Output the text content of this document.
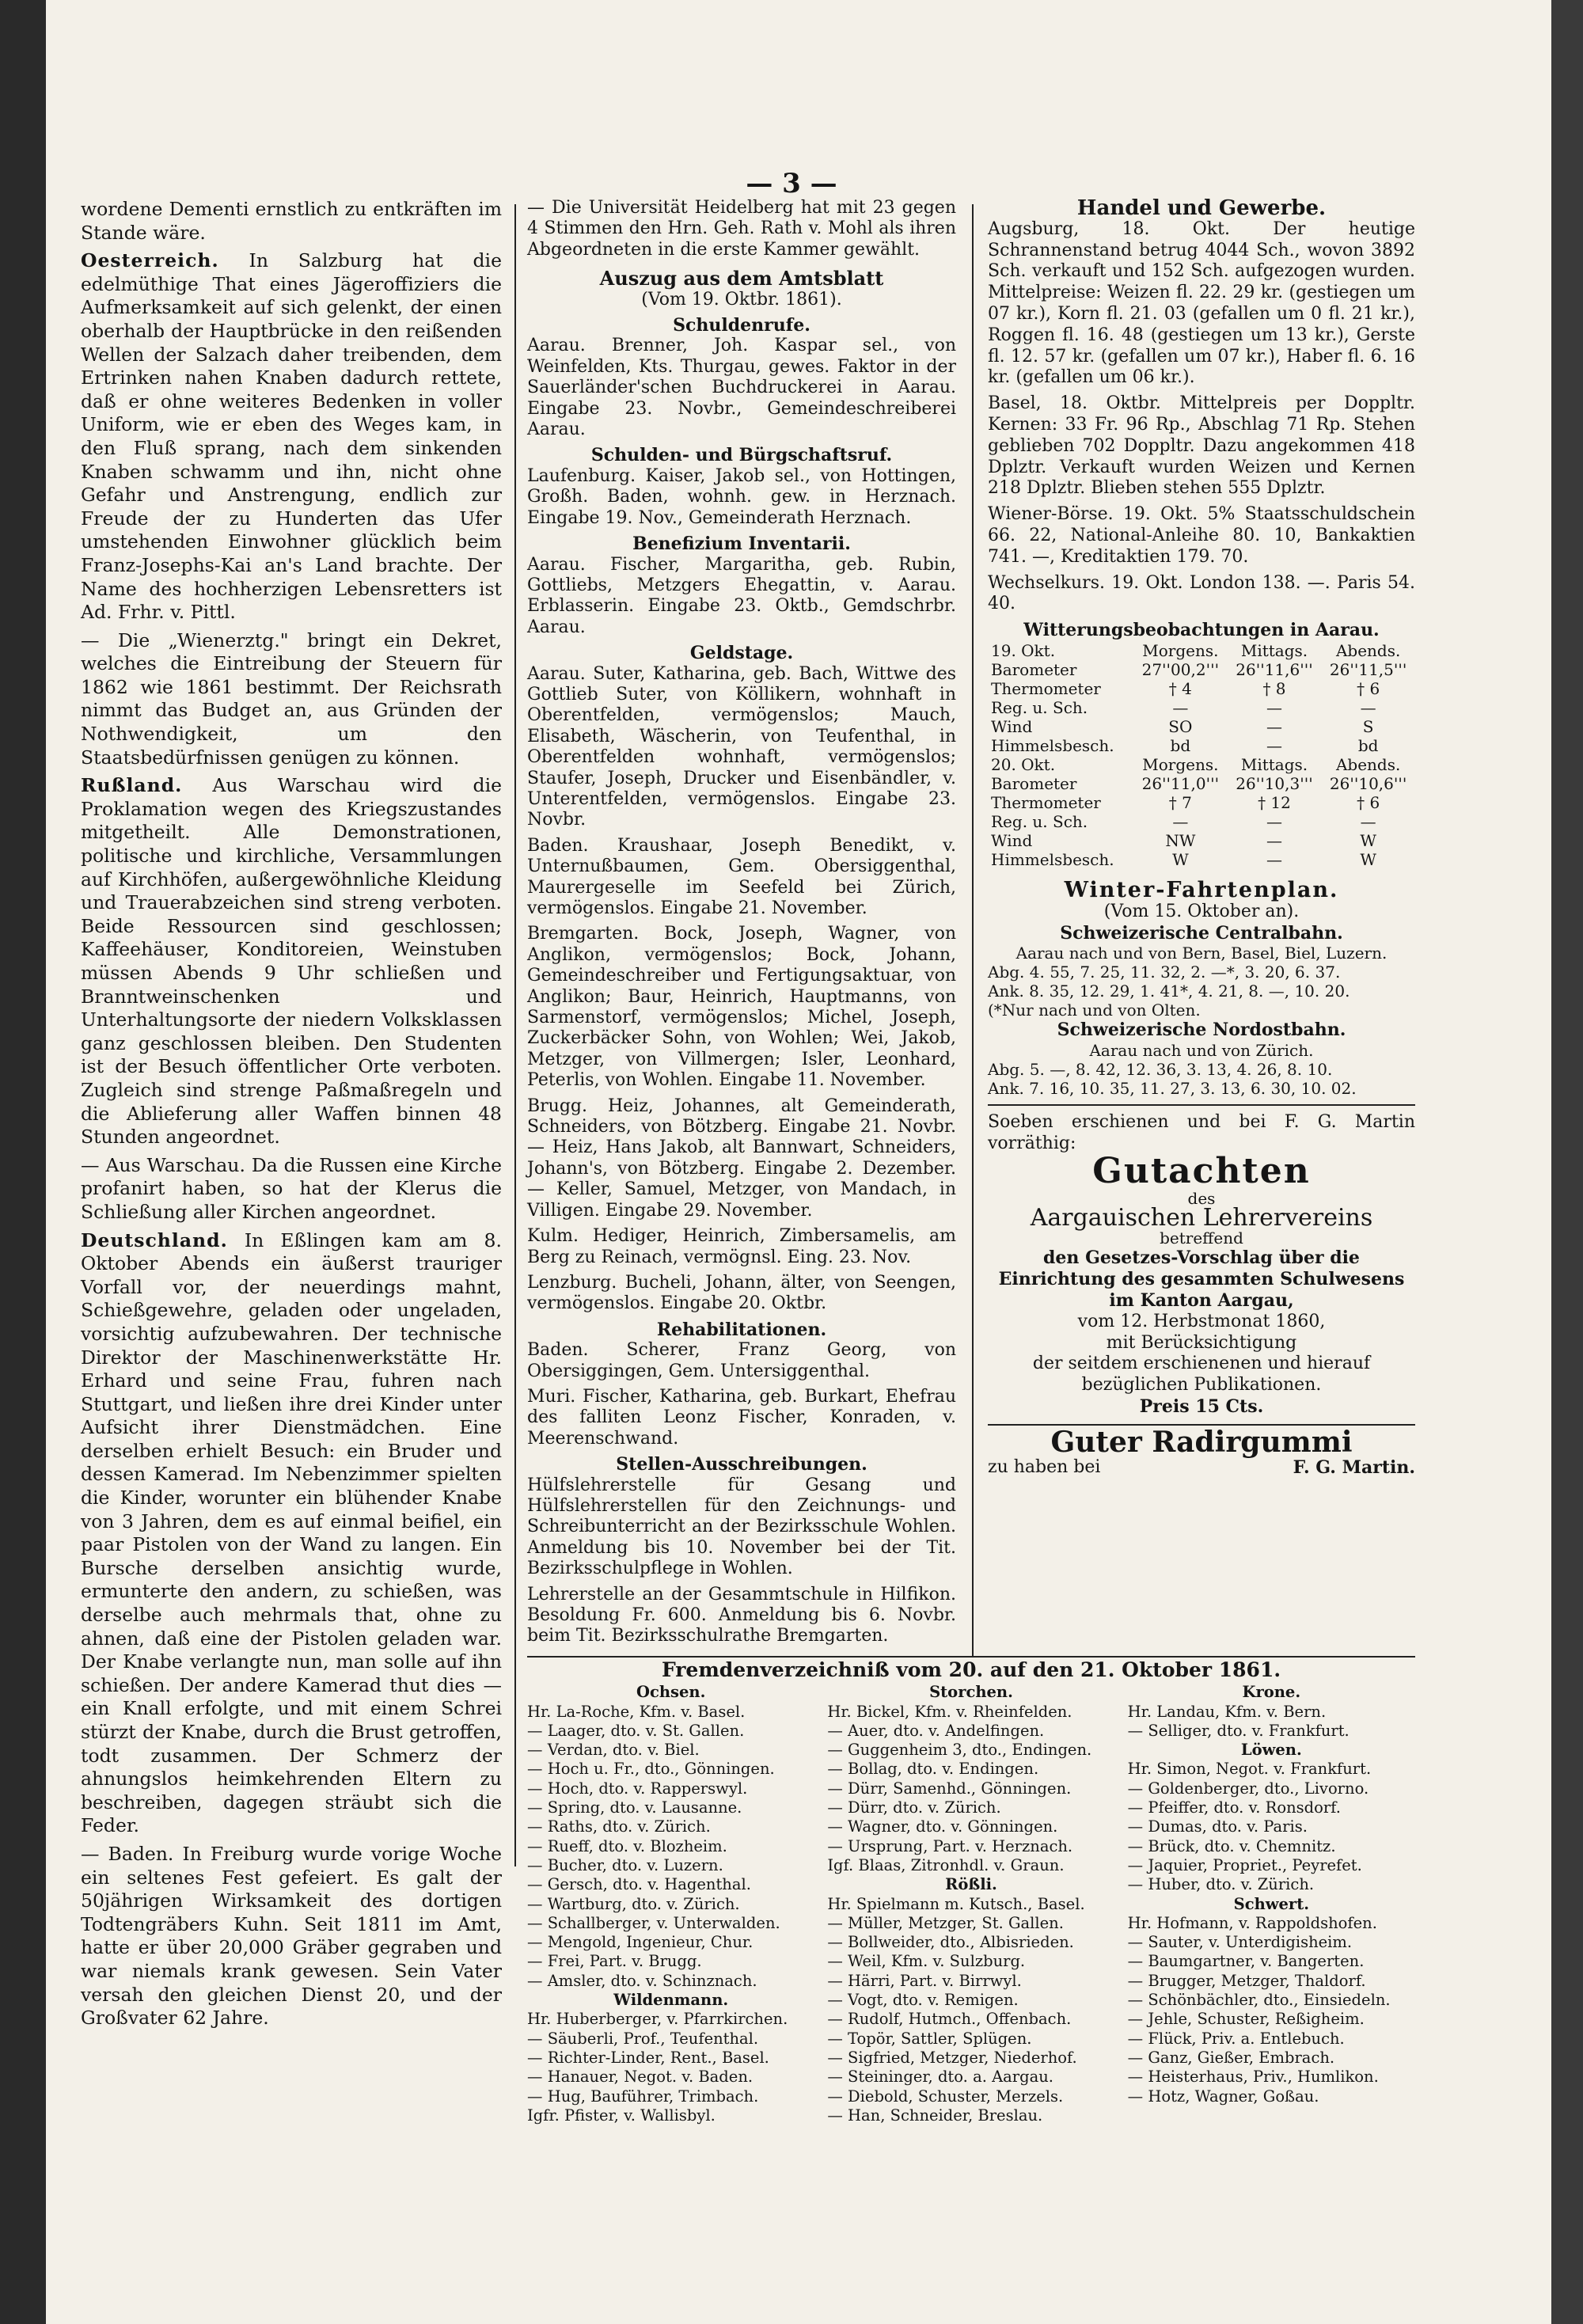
— 3 —

wordene Dementi ernstlich zu entkräften im Stande wäre.

Oesterreich. In Salzburg hat die edelmüthige That eines Jägeroffiziers die Aufmerksamkeit auf sich gelenkt, der einen oberhalb der Hauptbrücke in den reißenden Wellen der Salzach daher treibenden, dem Ertrinken nahen Knaben dadurch rettete, daß er ohne weiteres Bedenken in voller Uniform, wie er eben des Weges kam, in den Fluß sprang, nach dem sinkenden Knaben schwamm und ihn, nicht ohne Gefahr und Anstrengung, endlich zur Freude der zu Hunderten das Ufer umstehenden Einwohner glücklich beim Franz-Josephs-Kai an's Land brachte. Der Name des hochherzigen Lebensretters ist Ad. Frhr. v. Pittl.

— Die „Wienerztg." bringt ein Dekret, welches die Eintreibung der Steuern für 1862 wie 1861 bestimmt. Der Reichsrath nimmt das Budget an, aus Gründen der Nothwendigkeit, um den Staatsbedürfnissen genügen zu können.

Rußland. Aus Warschau wird die Proklamation wegen des Kriegszustandes mitgetheilt. Alle Demonstrationen, politische und kirchliche, Versammlungen auf Kirchhöfen, außergewöhnliche Kleidung und Trauerabzeichen sind streng verboten. Beide Ressourcen sind geschlossen; Kaffeehäuser, Konditoreien, Weinstuben müssen Abends 9 Uhr schließen und Branntweinschenken und Unterhaltungsorte der niedern Volksklassen ganz geschlossen bleiben. Den Studenten ist der Besuch öffentlicher Orte verboten. Zugleich sind strenge Paßmaßregeln und die Ablieferung aller Waffen binnen 48 Stunden angeordnet.

— Aus Warschau. Da die Russen eine Kirche profanirt haben, so hat der Klerus die Schließung aller Kirchen angeordnet.

Deutschland. In Eßlingen kam am 8. Oktober Abends ein äußerst trauriger Vorfall vor, der neuerdings mahnt, Schießgewehre, geladen oder ungeladen, vorsichtig aufzubewahren. Der technische Direktor der Maschinenwerkstätte Hr. Erhard und seine Frau, fuhren nach Stuttgart, und ließen ihre drei Kinder unter Aufsicht ihrer Dienstmädchen. Eine derselben erhielt Besuch: ein Bruder und dessen Kamerad. Im Nebenzimmer spielten die Kinder, worunter ein blühender Knabe von 3 Jahren, dem es auf einmal beifiel, ein paar Pistolen von der Wand zu langen. Ein Bursche derselben ansichtig wurde, ermunterte den andern, zu schießen, was derselbe auch mehrmals that, ohne zu ahnen, daß eine der Pistolen geladen war. Der Knabe verlangte nun, man solle auf ihn schießen. Der andere Kamerad thut dies — ein Knall erfolgte, und mit einem Schrei stürzt der Knabe, durch die Brust getroffen, todt zusammen. Der Schmerz der ahnungslos heimkehrenden Eltern zu beschreiben, dagegen sträubt sich die Feder.

— Baden. In Freiburg wurde vorige Woche ein seltenes Fest gefeiert. Es galt der 50jährigen Wirksamkeit des dortigen Todtengräbers Kuhn. Seit 1811 im Amt, hatte er über 20,000 Gräber gegraben und war niemals krank gewesen. Sein Vater versah den gleichen Dienst 20, und der Großvater 62 Jahre.

— Die Universität Heidelberg hat mit 23 gegen 4 Stimmen den Hrn. Geh. Rath v. Mohl als ihren Abgeordneten in die erste Kammer gewählt.

Auszug aus dem Amtsblatt
(Vom 19. Oktbr. 1861).
Schuldenrufe.

Aarau. Brenner, Joh. Kaspar sel., von Weinfelden, Kts. Thurgau, gewes. Faktor in der Sauerländer'schen Buchdruckerei in Aarau. Eingabe 23. Novbr., Gemeindeschreiberei Aarau.

Schulden- und Bürgschaftsruf.

Laufenburg. Kaiser, Jakob sel., von Hottingen, Großh. Baden, wohnh. gew. in Herznach. Eingabe 19. Nov., Gemeinderath Herznach.

Benefizium Inventarii.

Aarau. Fischer, Margaritha, geb. Rubin, Gottliebs, Metzgers Ehegattin, v. Aarau. Erblasserin. Eingabe 23. Oktb., Gemdschrbr. Aarau.

Geldstage.

Aarau. Suter, Katharina, geb. Bach, Wittwe des Gottlieb Suter, von Köllikern, wohnhaft in Oberentfelden, vermögenslos; Mauch, Elisabeth, Wäscherin, von Teufenthal, in Oberentfelden wohnhaft, vermögenslos; Staufer, Joseph, Drucker und Eisenbändler, v. Unterentfelden, vermögenslos. Eingabe 23. Novbr.

Baden. Kraushaar, Joseph Benedikt, v. Unternußbaumen, Gem. Obersiggenthal, Maurergeselle im Seefeld bei Zürich, vermögenslos. Eingabe 21. November.

Bremgarten. Bock, Joseph, Wagner, von Anglikon, vermögenslos; Bock, Johann, Gemeindeschreiber und Fertigungsaktuar, von Anglikon; Baur, Heinrich, Hauptmanns, von Sarmenstorf, vermögenslos; Michel, Joseph, Zuckerbäcker Sohn, von Wohlen; Wei, Jakob, Metzger, von Villmergen; Isler, Leonhard, Peterlis, von Wohlen. Eingabe 11. November.

Brugg. Heiz, Johannes, alt Gemeinderath, Schneiders, von Bötzberg. Eingabe 21. Novbr. — Heiz, Hans Jakob, alt Bannwart, Schneiders, Johann's, von Bötzberg. Eingabe 2. Dezember. — Keller, Samuel, Metzger, von Mandach, in Villigen. Eingabe 29. November.

Kulm. Hediger, Heinrich, Zimbersamelis, am Berg zu Reinach, vermögnsl. Eing. 23. Nov.

Lenzburg. Bucheli, Johann, älter, von Seengen, vermögenslos. Eingabe 20. Oktbr.

Rehabilitationen.

Baden. Scherer, Franz Georg, von Obersiggingen, Gem. Untersiggenthal.

Muri. Fischer, Katharina, geb. Burkart, Ehefrau des falliten Leonz Fischer, Konraden, v. Meerenschwand.

Stellen-Ausschreibungen.

Hülfslehrerstelle für Gesang und Hülfslehrerstellen für den Zeichnungs- und Schreibunterricht an der Bezirksschule Wohlen. Anmeldung bis 10. November bei der Tit. Bezirksschulpflege in Wohlen.

Lehrerstelle an der Gesammtschule in Hilfikon. Besoldung Fr. 600. Anmeldung bis 6. Novbr. beim Tit. Bezirksschulrathe Bremgarten.

Handel und Gewerbe.

Augsburg, 18. Okt. Der heutige Schrannenstand betrug 4044 Sch., wovon 3892 Sch. verkauft und 152 Sch. aufgezogen wurden. Mittelpreise: Weizen fl. 22. 29 kr. (gestiegen um 07 kr.), Korn fl. 21. 03 (gefallen um 0 fl. 21 kr.), Roggen fl. 16. 48 (gestiegen um 13 kr.), Gerste fl. 12. 57 kr. (gefallen um 07 kr.), Haber fl. 6. 16 kr. (gefallen um 06 kr.).

Basel, 18. Oktbr. Mittelpreis per Doppltr. Kernen: 33 Fr. 96 Rp., Abschlag 71 Rp. Stehen geblieben 702 Doppltr. Dazu angekommen 418 Dplztr. Verkauft wurden Weizen und Kernen 218 Dplztr. Blieben stehen 555 Dplztr.

Wiener-Börse. 19. Okt. 5% Staatsschuldschein 66. 22, National-Anleihe 80. 10, Bankaktien 741. —, Kreditaktien 179. 70.

Wechselkurs. 19. Okt. London 138. —. Paris 54. 40.

Witterungsbeobachtungen in Aarau.
19. Okt.	Morgens.	Mittags.	Abends.
Barometer	27''00,2'''	26''11,6'''	26''11,5'''
Thermometer	† 4	† 8	† 6
Reg. u. Sch.	—	—	—
Wind	SO	—	S
Himmelsbesch.	bd	—	bd
20. Okt.	Morgens.	Mittags.	Abends.
Barometer	26''11,0'''	26''10,3'''	26''10,6'''
Thermometer	† 7	† 12	† 6
Reg. u. Sch.	—	—	—
Wind	NW	—	W
Himmelsbesch.	W	—	W
Winter-Fahrtenplan.
(Vom 15. Oktober an).
Schweizerische Centralbahn.
Aarau nach und von Bern, Basel, Biel, Luzern.
Abg. 4. 55, 7. 25, 11. 32, 2. —*, 3. 20, 6. 37.
Ank. 8. 35, 12. 29, 1. 41*, 4. 21, 8. —, 10. 20.
(*Nur nach und von Olten.
Schweizerische Nordostbahn.
Aarau nach und von Zürich.
Abg. 5. —, 8. 42, 12. 36, 3. 13, 4. 26, 8. 10.
Ank. 7. 16, 10. 35, 11. 27, 3. 13, 6. 30, 10. 02.

Soeben erschienen und bei F. G. Martin vorräthig:

Gutachten
des
Aargauischen Lehrervereins
betreffend
den Gesetzes-Vorschlag über die Einrichtung des gesammten Schulwesens im Kanton Aargau,
vom 12. Herbstmonat 1860,
mit Berücksichtigung
der seitdem erschienenen und hierauf bezüglichen Publikationen.
Preis 15 Cts.
Guter Radirgummi
zu haben bei	F. G. Martin.
Fremdenverzeichniß vom 20. auf den 21. Oktober 1861.
Ochsen.
Hr. La-Roche, Kfm. v. Basel.
— Laager, dto. v. St. Gallen.
— Verdan, dto. v. Biel.
— Hoch u. Fr., dto., Gönningen.
— Hoch, dto. v. Rapperswyl.
— Spring, dto. v. Lausanne.
— Raths, dto. v. Zürich.
— Rueff, dto. v. Blozheim.
— Bucher, dto. v. Luzern.
— Gersch, dto. v. Hagenthal.
— Wartburg, dto. v. Zürich.
— Schallberger, v. Unterwalden.
— Mengold, Ingenieur, Chur.
— Frei, Part. v. Brugg.
— Amsler, dto. v. Schinznach.
Wildenmann.
Hr. Huberberger, v. Pfarrkirchen.
— Säuberli, Prof., Teufenthal.
— Richter-Linder, Rent., Basel.
— Hanauer, Negot. v. Baden.
— Hug, Bauführer, Trimbach.
Igfr. Pfister, v. Wallisbyl.
Storchen.
Hr. Bickel, Kfm. v. Rheinfelden.
— Auer, dto. v. Andelfingen.
— Guggenheim 3, dto., Endingen.
— Bollag, dto. v. Endingen.
— Dürr, Samenhd., Gönningen.
— Dürr, dto. v. Zürich.
— Wagner, dto. v. Gönningen.
— Ursprung, Part. v. Herznach.
Igf. Blaas, Zitronhdl. v. Graun.
Rößli.
Hr. Spielmann m. Kutsch., Basel.
— Müller, Metzger, St. Gallen.
— Bollweider, dto., Albisrieden.
— Weil, Kfm. v. Sulzburg.
— Härri, Part. v. Birrwyl.
— Vogt, dto. v. Remigen.
— Rudolf, Hutmch., Offenbach.
— Topör, Sattler, Splügen.
— Sigfried, Metzger, Niederhof.
— Steininger, dto. a. Aargau.
— Diebold, Schuster, Merzels.
— Han, Schneider, Breslau.
Krone.
Hr. Landau, Kfm. v. Bern.
— Selliger, dto. v. Frankfurt.
Löwen.
Hr. Simon, Negot. v. Frankfurt.
— Goldenberger, dto., Livorno.
— Pfeiffer, dto. v. Ronsdorf.
— Dumas, dto. v. Paris.
— Brück, dto. v. Chemnitz.
— Jaquier, Propriet., Peyrefet.
— Huber, dto. v. Zürich.
Schwert.
Hr. Hofmann, v. Rappoldshofen.
— Sauter, v. Unterdigisheim.
— Baumgartner, v. Bangerten.
— Brugger, Metzger, Thaldorf.
— Schönbächler, dto., Einsiedeln.
— Jehle, Schuster, Reßigheim.
— Flück, Priv. a. Entlebuch.
— Ganz, Gießer, Embrach.
— Heisterhaus, Priv., Humlikon.
— Hotz, Wagner, Goßau.
